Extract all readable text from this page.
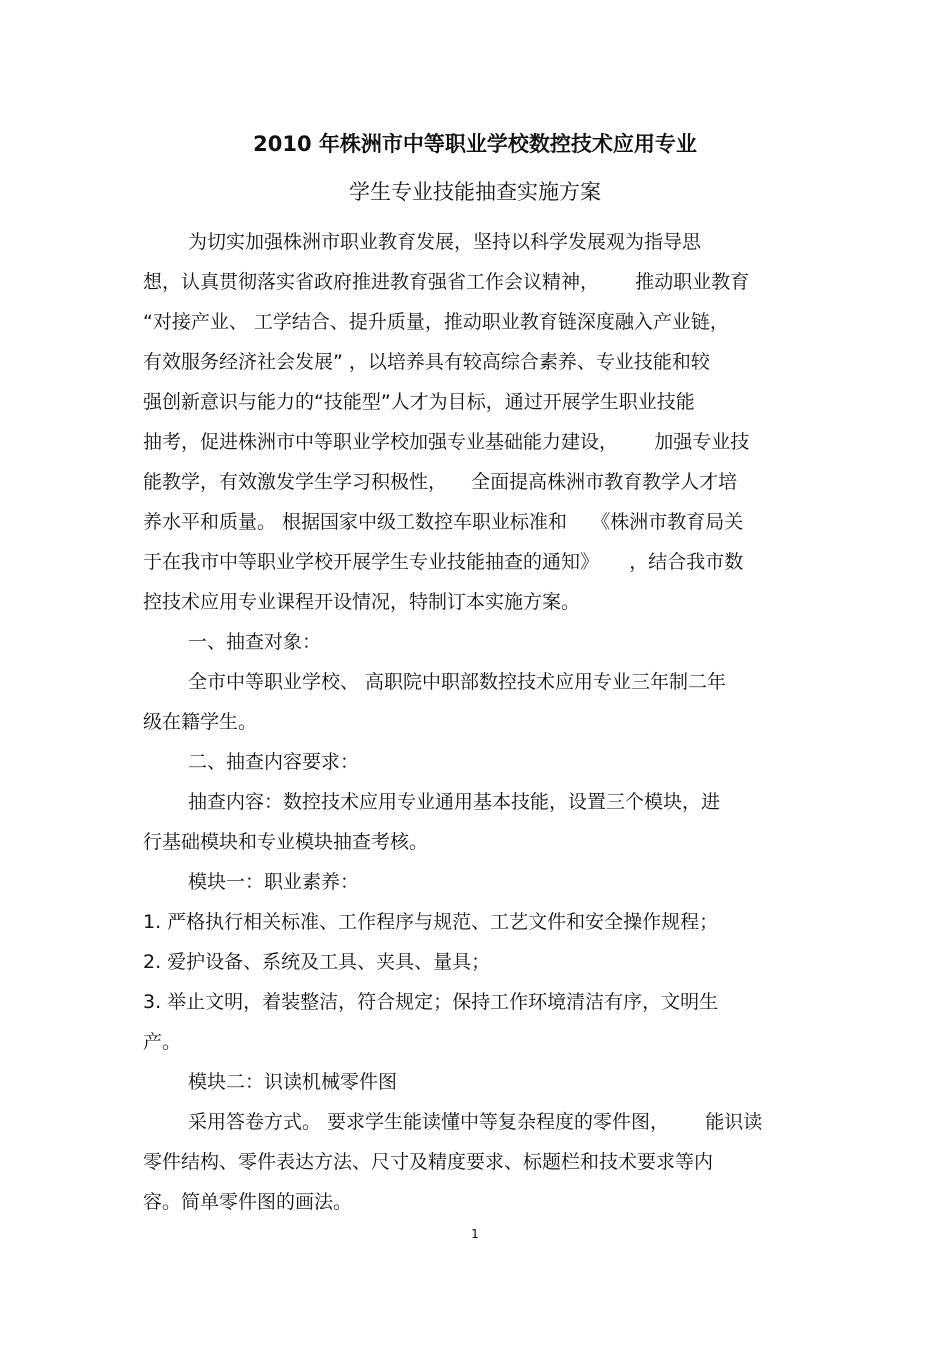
2010 年株洲市中等职业学校数控技术应用专业
学生专业技能抽查实施方案
为切实加强株洲市职业教育发展，坚持以科学发展观为指导思
想，认真贯彻落实省政府推进教育强省工作会议精神，      推动职业教育
“对接产业、 工学结合、提升质量，推动职业教育链深度融入产业链，
有效服务经济社会发展” ，以培养具有较高综合素养、专业技能和较
强创新意识与能力的“技能型”人才为目标，通过开展学生职业技能
抽考，促进株洲市中等职业学校加强专业基础能力建设，      加强专业技
能教学，有效激发学生学习积极性，    全面提高株洲市教育教学人才培
养水平和质量。 根据国家中级工数控车职业标准和    《株洲市教育局关
于在我市中等职业学校开展学生专业技能抽查的通知》     ，结合我市数
控技术应用专业课程开设情况，特制订本实施方案。
一、抽查对象：
全市中等职业学校、 高职院中职部数控技术应用专业三年制二年
级在籍学生。
二、抽查内容要求：
抽查内容：数控技术应用专业通用基本技能，设置三个模块，进
行基础模块和专业模块抽查考核。
模块一：职业素养：
1. 严格执行相关标准、工作程序与规范、工艺文件和安全操作规程；
2. 爱护设备、系统及工具、夹具、量具；
3. 举止文明，着装整洁，符合规定；保持工作环境清洁有序，文明生
产。
模块二：识读机械零件图
采用答卷方式。 要求学生能读懂中等复杂程度的零件图，      能识读
零件结构、零件表达方法、尺寸及精度要求、标题栏和技术要求等内
容。简单零件图的画法。
1
